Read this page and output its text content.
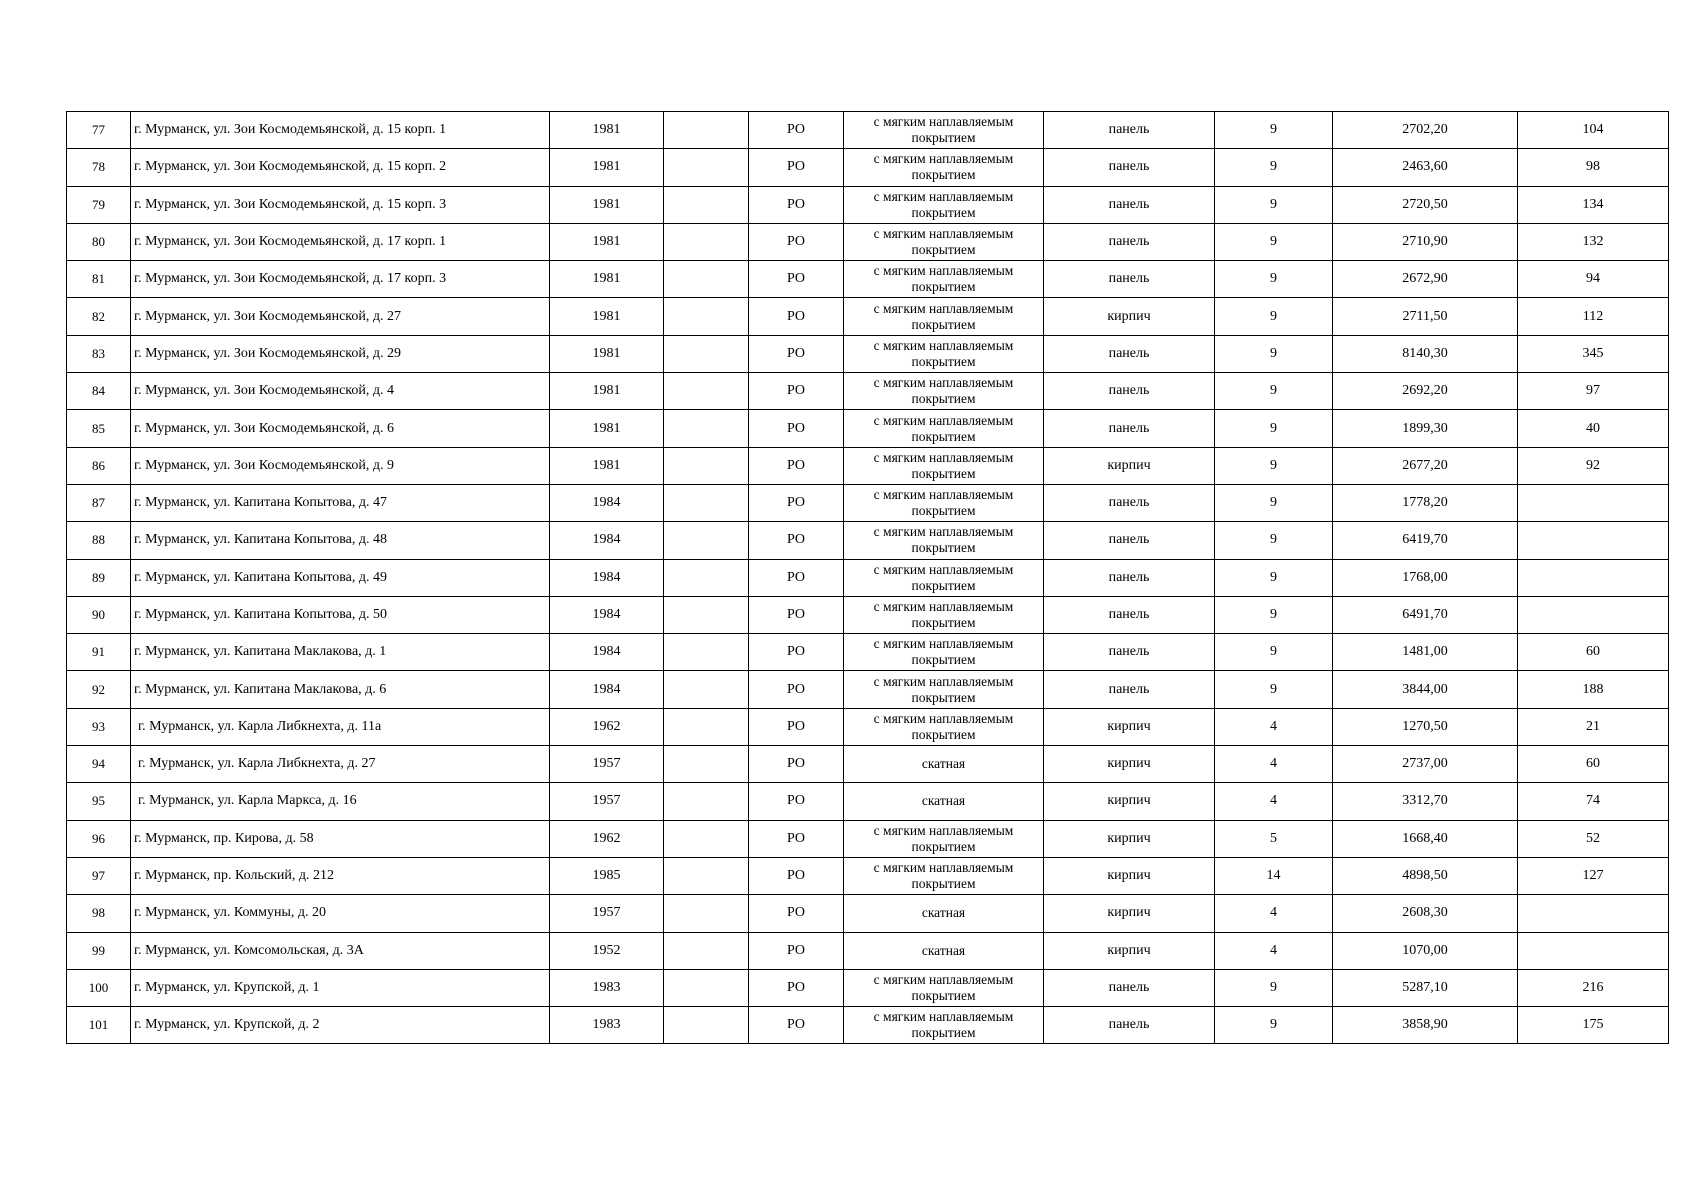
77	г. Мурманск, ул. Зои Космодемьянской, д. 15 корп. 1	1981		РО	с мягким наплавляемым
покрытием	панель	9	2702,20	104
78	г. Мурманск, ул. Зои Космодемьянской, д. 15 корп. 2	1981		РО	с мягким наплавляемым
покрытием	панель	9	2463,60	98
79	г. Мурманск, ул. Зои Космодемьянской, д. 15 корп. 3	1981		РО	с мягким наплавляемым
покрытием	панель	9	2720,50	134
80	г. Мурманск, ул. Зои Космодемьянской, д. 17 корп. 1	1981		РО	с мягким наплавляемым
покрытием	панель	9	2710,90	132
81	г. Мурманск, ул. Зои Космодемьянской, д. 17 корп. 3	1981		РО	с мягким наплавляемым
покрытием	панель	9	2672,90	94
82	г. Мурманск, ул. Зои Космодемьянской, д. 27	1981		РО	с мягким наплавляемым
покрытием	кирпич	9	2711,50	112
83	г. Мурманск, ул. Зои Космодемьянской, д. 29	1981		РО	с мягким наплавляемым
покрытием	панель	9	8140,30	345
84	г. Мурманск, ул. Зои Космодемьянской, д. 4	1981		РО	с мягким наплавляемым
покрытием	панель	9	2692,20	97
85	г. Мурманск, ул. Зои Космодемьянской, д. 6	1981		РО	с мягким наплавляемым
покрытием	панель	9	1899,30	40
86	г. Мурманск, ул. Зои Космодемьянской, д. 9	1981		РО	с мягким наплавляемым
покрытием	кирпич	9	2677,20	92
87	г. Мурманск, ул. Капитана Копытова, д. 47	1984		РО	с мягким наплавляемым
покрытием	панель	9	1778,20	
88	г. Мурманск, ул. Капитана Копытова, д. 48	1984		РО	с мягким наплавляемым
покрытием	панель	9	6419,70	
89	г. Мурманск, ул. Капитана Копытова, д. 49	1984		РО	с мягким наплавляемым
покрытием	панель	9	1768,00	
90	г. Мурманск, ул. Капитана Копытова, д. 50	1984		РО	с мягким наплавляемым
покрытием	панель	9	6491,70	
91	г. Мурманск, ул. Капитана Маклакова, д. 1	1984		РО	с мягким наплавляемым
покрытием	панель	9	1481,00	60
92	г. Мурманск, ул. Капитана Маклакова, д. 6	1984		РО	с мягким наплавляемым
покрытием	панель	9	3844,00	188
93	г. Мурманск, ул. Карла Либкнехта, д. 11а	1962		РО	с мягким наплавляемым
покрытием	кирпич	4	1270,50	21
94	г. Мурманск, ул. Карла Либкнехта, д. 27	1957		РО	скатная	кирпич	4	2737,00	60
95	г. Мурманск, ул. Карла Маркса, д. 16	1957		РО	скатная	кирпич	4	3312,70	74
96	г. Мурманск, пр. Кирова, д. 58	1962		РО	с мягким наплавляемым
покрытием	кирпич	5	1668,40	52
97	г. Мурманск, пр. Кольский, д. 212	1985		РО	с мягким наплавляемым
покрытием	кирпич	14	4898,50	127
98	г. Мурманск, ул. Коммуны, д. 20	1957		РО	скатная	кирпич	4	2608,30	
99	г. Мурманск, ул. Комсомольская, д. 3А	1952		РО	скатная	кирпич	4	1070,00	
100	г. Мурманск, ул. Крупской, д. 1	1983		РО	с мягким наплавляемым
покрытием	панель	9	5287,10	216
101	г. Мурманск, ул. Крупской, д. 2	1983		РО	с мягким наплавляемым
покрытием	панель	9	3858,90	175
